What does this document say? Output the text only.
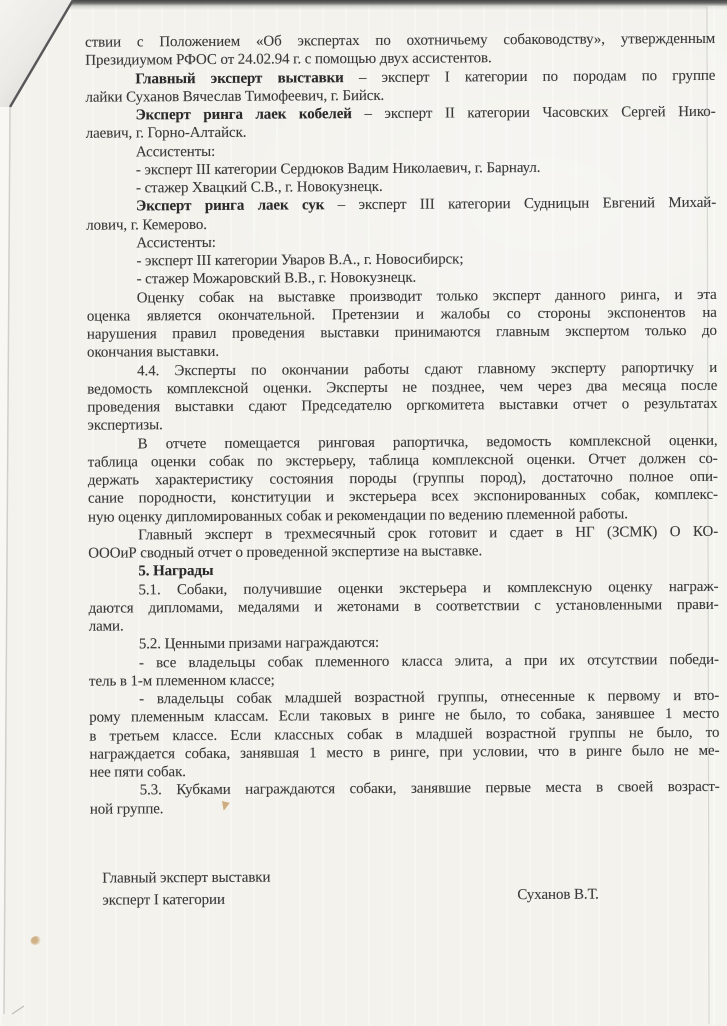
ствии с Положением «Об экспертах по охотничьему собаководству», утвержденным
Президиумом РФОС от 24.02.94 г. с помощью двух ассистентов.
Главный эксперт выставки – эксперт I категории по породам по группе
лайки Суханов Вячеслав Тимофеевич, г. Бийск.
Эксперт ринга лаек кобелей – эксперт II категории Часовских Сергей Нико-
лаевич, г. Горно-Алтайск.
Ассистенты:
- эксперт III категории Сердюков Вадим Николаевич, г. Барнаул.
- стажер Хвацкий С.В., г. Новокузнецк.
Эксперт ринга лаек сук – эксперт III категории Судницын Евгений Михай-
лович, г. Кемерово.
Ассистенты:
- эксперт III категории Уваров В.А., г. Новосибирск;
- стажер Можаровский В.В., г. Новокузнецк.
Оценку собак на выставке производит только эксперт данного ринга, и эта
оценка является окончательной. Претензии и жалобы со стороны экспонентов на
нарушения правил проведения выставки принимаются главным экспертом только до
окончания выставки.
4.4. Эксперты по окончании работы сдают главному эксперту рапортичку и
ведомость комплексной оценки. Эксперты не позднее, чем через два месяца после
проведения выставки сдают Председателю оргкомитета выставки отчет о результатах
экспертизы.
В отчете помещается ринговая рапортичка, ведомость комплексной оценки,
таблица оценки собак по экстерьеру, таблица комплексной оценки. Отчет должен со-
держать характеристику состояния породы (группы пород), достаточно полное опи-
сание породности, конституции и экстерьера всех экспонированных собак, комплекс-
ную оценку дипломированных собак и рекомендации по ведению племенной работы.
Главный эксперт в трехмесячный срок готовит и сдает в НГ (ЗСМК) О КО-
ОООиР сводный отчет о проведенной экспертизе на выставке.
5. Награды
5.1. Собаки, получившие оценки экстерьера и комплексную оценку награж-
даются дипломами, медалями и жетонами в соответствии с установленными прави-
лами.
5.2. Ценными призами награждаются:
- все владельцы собак племенного класса элита, а при их отсутствии победи-
тель в 1-м племенном классе;
- владельцы собак младшей возрастной группы, отнесенные к первому и вто-
рому племенным классам. Если таковых в ринге не было, то собака, занявшее 1 место
в третьем классе. Если классных собак в младшей возрастной группы не было, то
награждается собака, занявшая 1 место в ринге, при условии, что в ринге было не ме-
нее пяти собак.
5.3. Кубками награждаются собаки, занявшие первые места в своей возраст-
ной группе.
Главный эксперт выставки
эксперт I категории	Суханов В.Т.
